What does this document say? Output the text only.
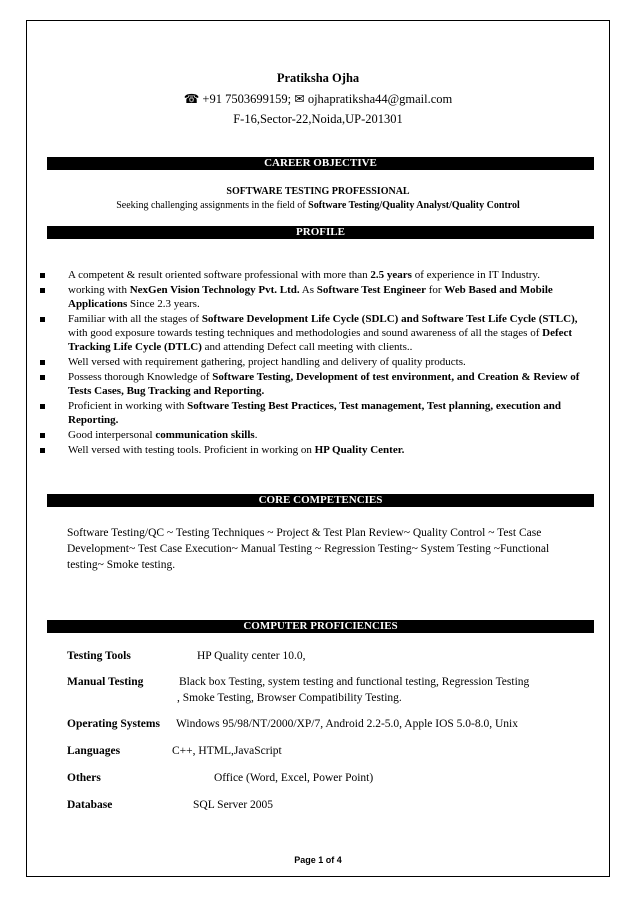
Pratiksha Ojha
☎ +91 7503699159; ✉ ojhapratiksha44@gmail.com
F-16,Sector-22,Noida,UP-201301
CAREER OBJECTIVE
SOFTWARE TESTING PROFESSIONAL
Seeking challenging assignments in the field of Software Testing/Quality Analyst/Quality Control
PROFILE
A competent & result oriented software professional with more than 2.5 years of experience in IT Industry.
working with NexGen Vision Technology Pvt. Ltd. As Software Test Engineer for Web Based and Mobile Applications Since 2.3 years.
Familiar with all the stages of Software Development Life Cycle (SDLC) and Software Test Life Cycle (STLC), with good exposure towards testing techniques and methodologies and sound awareness of all the stages of Defect Tracking Life Cycle (DTLC) and attending Defect call meeting with clients..
Well versed with requirement gathering, project handling and delivery of quality products.
Possess thorough Knowledge of Software Testing, Development of test environment, and Creation & Review of Tests Cases, Bug Tracking and Reporting.
Proficient in working with Software Testing Best Practices, Test management, Test planning, execution and Reporting.
Good interpersonal communication skills.
Well versed with testing tools. Proficient in working on HP Quality Center.
CORE COMPETENCIES
Software Testing/QC ~ Testing Techniques ~ Project & Test Plan Review~ Quality Control ~ Test Case Development~ Test Case Execution~ Manual Testing ~ Regression Testing~ System Testing ~Functional testing~ Smoke testing.
COMPUTER PROFICIENCIES
Testing Tools	HP Quality center 10.0,
Manual Testing	Black box Testing, system testing and functional testing, Regression Testing
, Smoke Testing, Browser Compatibility Testing.
Operating Systems Windows 95/98/NT/2000/XP/7, Android 2.2-5.0, Apple IOS 5.0-8.0, Unix
Languages	C++, HTML,JavaScript
Others	Office (Word, Excel, Power Point)
Database	SQL Server 2005
Page 1 of 4
